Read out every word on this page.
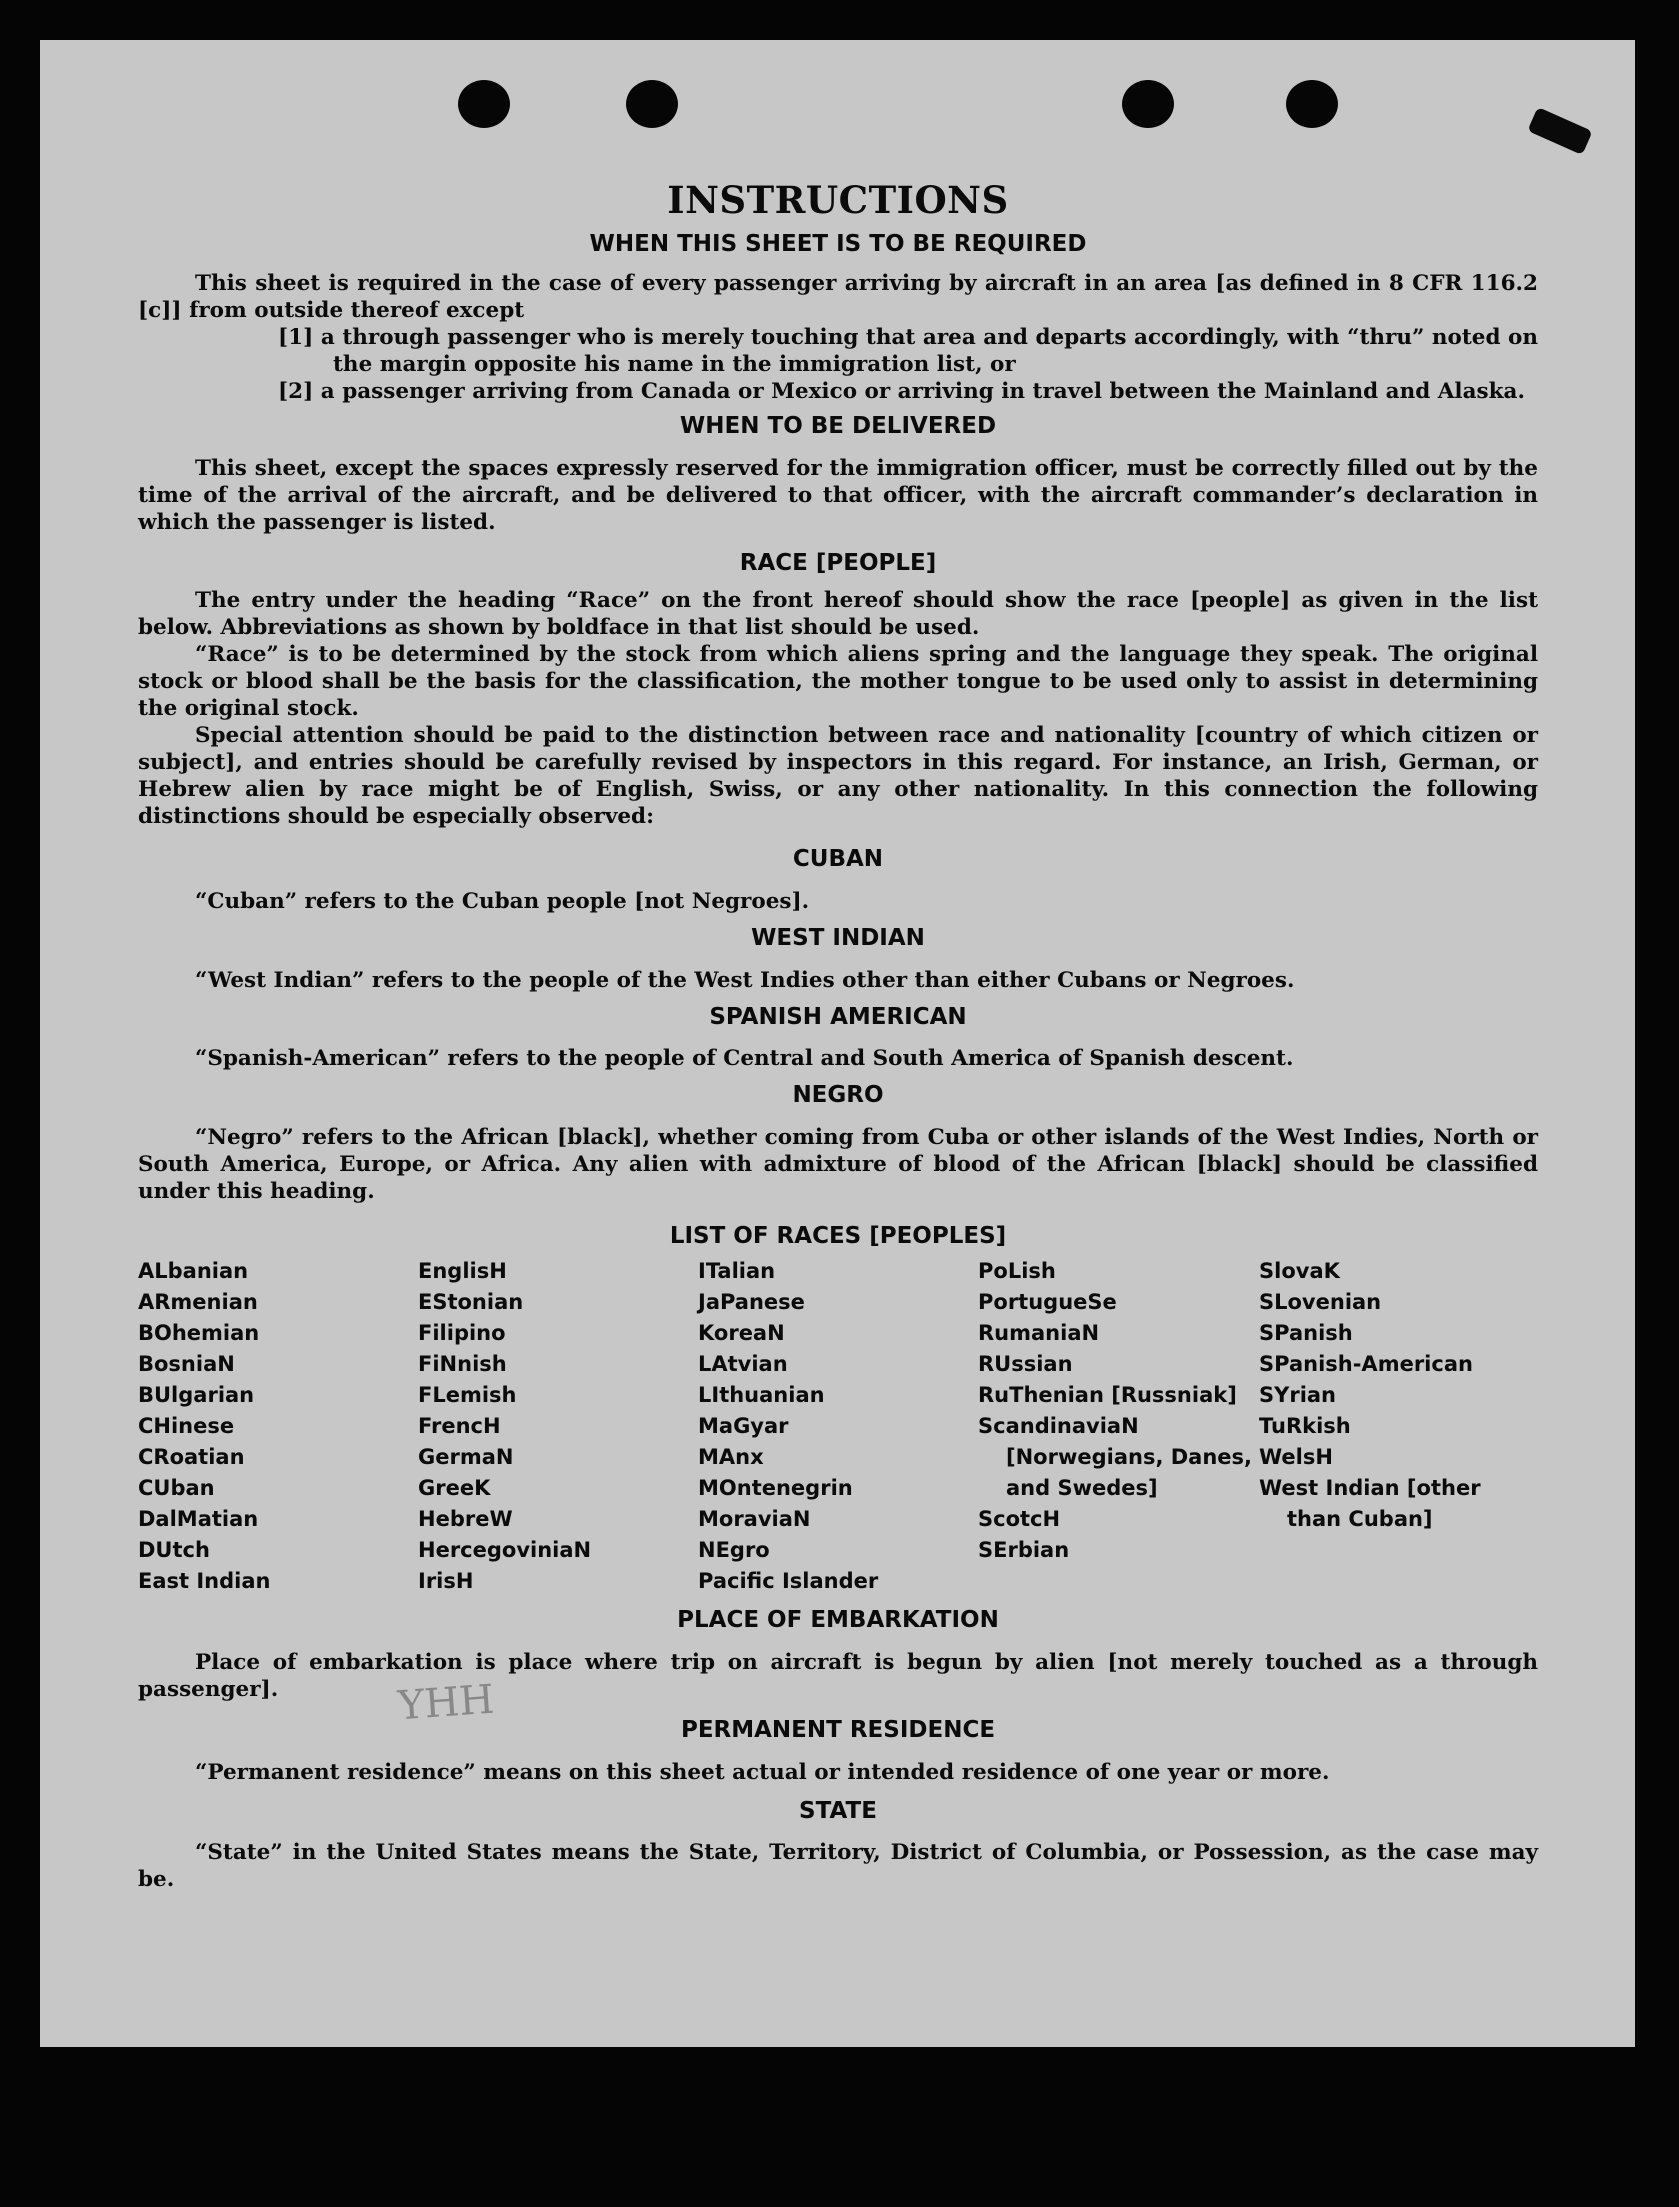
INSTRUCTIONS
WHEN THIS SHEET IS TO BE REQUIRED

This sheet is required in the case of every passenger arriving by aircraft in an area [as defined in 8 CFR 116.2 [c]] from outside thereof except

[1] a through passenger who is merely touching that area and departs accordingly, with “thru” noted on the margin opposite his name in the immigration list, or

[2] a passenger arriving from Canada or Mexico or arriving in travel between the Mainland and Alaska.

WHEN TO BE DELIVERED

This sheet, except the spaces expressly reserved for the immigration officer, must be correctly filled out by the time of the arrival of the aircraft, and be delivered to that officer, with the aircraft commander’s declaration in which the passenger is listed.

RACE [PEOPLE]

The entry under the heading “Race” on the front hereof should show the race [people] as given in the list below. Abbreviations as shown by boldface in that list should be used.

“Race” is to be determined by the stock from which aliens spring and the language they speak. The original stock or blood shall be the basis for the classification, the mother tongue to be used only to assist in determining the original stock.

Special attention should be paid to the distinction between race and nationality [country of which citizen or subject], and entries should be carefully revised by inspectors in this regard. For instance, an Irish, German, or Hebrew alien by race might be of English, Swiss, or any other nationality. In this connection the following distinctions should be especially observed:

CUBAN

“Cuban” refers to the Cuban people [not Negroes].

WEST INDIAN

“West Indian” refers to the people of the West Indies other than either Cubans or Negroes.

SPANISH AMERICAN

“Spanish-American” refers to the people of Central and South America of Spanish descent.

NEGRO

“Negro” refers to the African [black], whether coming from Cuba or other islands of the West Indies, North or South America, Europe, or Africa. Any alien with admixture of blood of the African [black] should be classified under this heading.

LIST OF RACES [PEOPLES]
ALbanian
ARmenian
BOhemian
BosniaN
BUlgarian
CHinese
CRoatian
CUban
DalMatian
DUtch
East Indian
EnglisH
EStonian
Filipino
FiNnish
FLemish
FrencH
GermaN
GreeK
HebreW
HercegoviniaN
IrisH
ITalian
JaPanese
KoreaN
LAtvian
LIthuanian
MaGyar
MAnx
MOntenegrin
MoraviaN
NEgro
Pacific Islander
PoLish
PortugueSe
RumaniaN
RUssian
RuThenian [Russniak]
ScandinaviaN [Norwegians, Danes, and Swedes]
ScotcH
SErbian
SlovaK
SLovenian
SPanish
SPanish-American
SYrian
TuRkish
WelsH
West Indian [other than Cuban]
PLACE OF EMBARKATION

Place of embarkation is place where trip on aircraft is begun by alien [not merely touched as a through passenger].

PERMANENT RESIDENCE

“Permanent residence” means on this sheet actual or intended residence of one year or more.

STATE

“State” in the United States means the State, Territory, District of Columbia, or Possession, as the case may be.

YHH
